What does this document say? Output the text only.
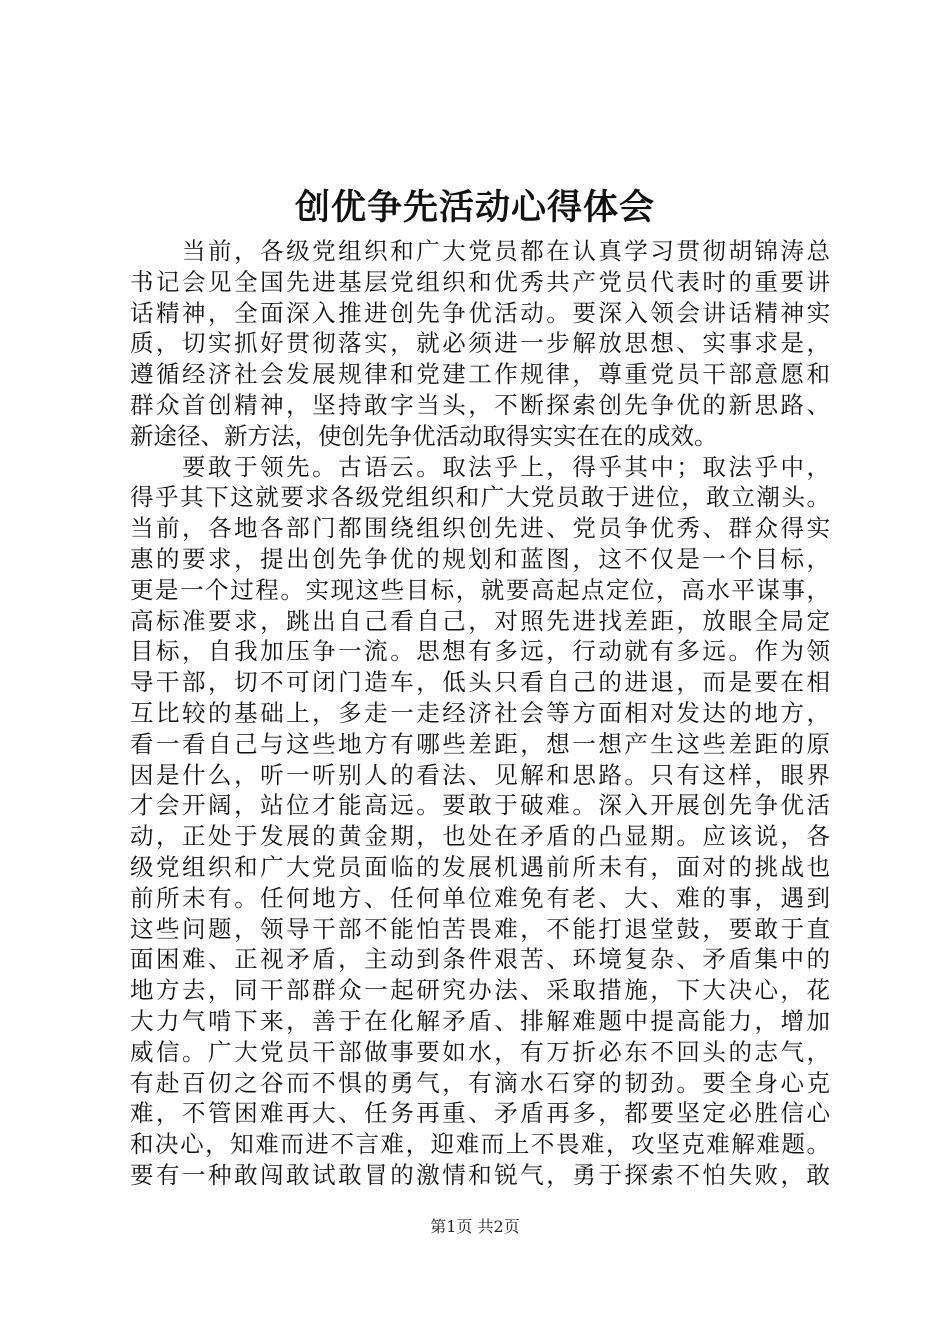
创优争先活动心得体会
　　当前，各级党组织和广大党员都在认真学习贯彻胡锦涛总
书记会见全国先进基层党组织和优秀共产党员代表时的重要讲
话精神，全面深入推进创先争优活动。要深入领会讲话精神实
质，切实抓好贯彻落实，就必须进一步解放思想、实事求是，
遵循经济社会发展规律和党建工作规律，尊重党员干部意愿和
群众首创精神，坚持敢字当头，不断探索创先争优的新思路、
新途径、新方法，使创先争优活动取得实实在在的成效。
　　要敢于领先。古语云。取法乎上，得乎其中；取法乎中，
得乎其下这就要求各级党组织和广大党员敢于进位，敢立潮头。
当前，各地各部门都围绕组织创先进、党员争优秀、群众得实
惠的要求，提出创先争优的规划和蓝图，这不仅是一个目标，
更是一个过程。实现这些目标，就要高起点定位，高水平谋事，
高标准要求，跳出自己看自己，对照先进找差距，放眼全局定
目标，自我加压争一流。思想有多远，行动就有多远。作为领
导干部，切不可闭门造车，低头只看自己的进退，而是要在相
互比较的基础上，多走一走经济社会等方面相对发达的地方，
看一看自己与这些地方有哪些差距，想一想产生这些差距的原
因是什么，听一听别人的看法、见解和思路。只有这样，眼界
才会开阔，站位才能高远。要敢于破难。深入开展创先争优活
动，正处于发展的黄金期，也处在矛盾的凸显期。应该说，各
级党组织和广大党员面临的发展机遇前所未有，面对的挑战也
前所未有。任何地方、任何单位难免有老、大、难的事，遇到
这些问题，领导干部不能怕苦畏难，不能打退堂鼓，要敢于直
面困难、正视矛盾，主动到条件艰苦、环境复杂、矛盾集中的
地方去，同干部群众一起研究办法、采取措施，下大决心，花
大力气啃下来，善于在化解矛盾、排解难题中提高能力，增加
威信。广大党员干部做事要如水，有万折必东不回头的志气，
有赴百仞之谷而不惧的勇气，有滴水石穿的韧劲。要全身心克
难，不管困难再大、任务再重、矛盾再多，都要坚定必胜信心
和决心，知难而进不言难，迎难而上不畏难，攻坚克难解难题。
要有一种敢闯敢试敢冒的激情和锐气，勇于探索不怕失败，敢
第1页 共2页
